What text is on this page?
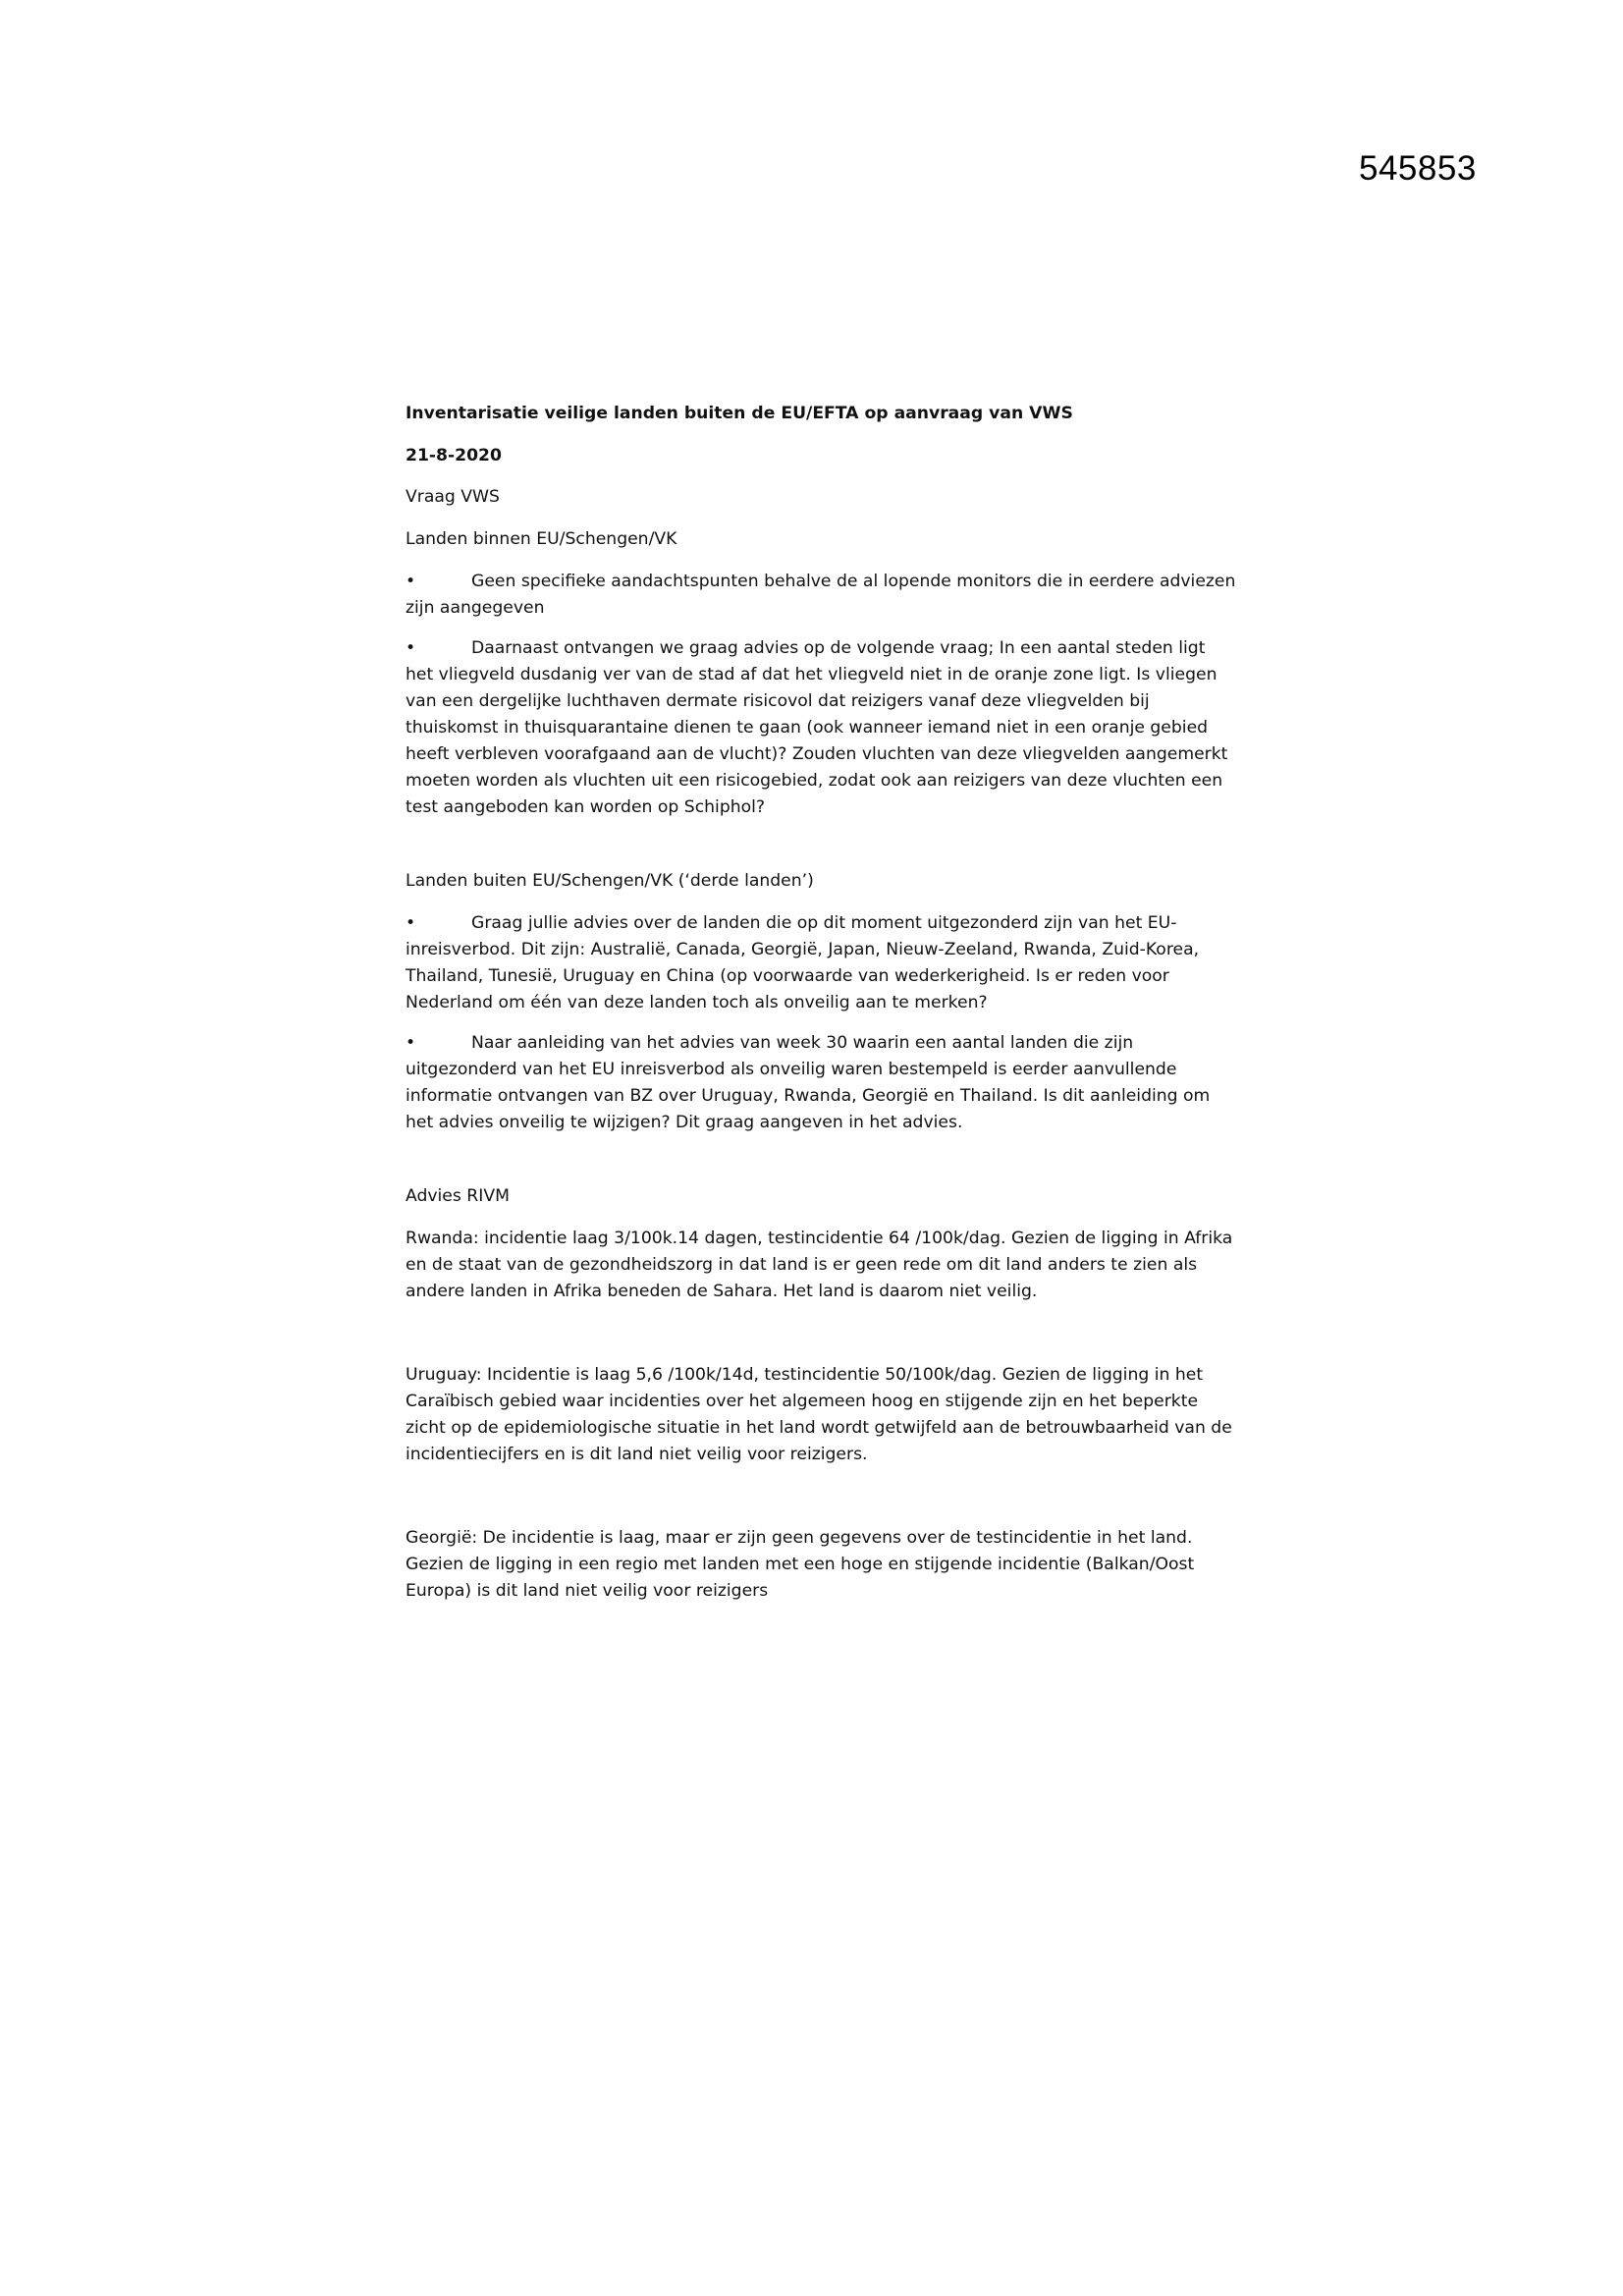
545853

Inventarisatie veilige landen buiten de EU/EFTA op aanvraag van VWS

21-8-2020

Vraag VWS

Landen binnen EU/Schengen/VK

•	Geen specifieke aandachtspunten behalve de al lopende monitors die in eerdere adviezen zijn aangegeven

•	Daarnaast ontvangen we graag advies op de volgende vraag; In een aantal steden ligt het vliegveld dusdanig ver van de stad af dat het vliegveld niet in de oranje zone ligt. Is vliegen van een dergelijke luchthaven dermate risicovol dat reizigers vanaf deze vliegvelden bij thuiskomst in thuisquarantaine dienen te gaan (ook wanneer iemand niet in een oranje gebied heeft verbleven voorafgaand aan de vlucht)? Zouden vluchten van deze vliegvelden aangemerkt moeten worden als vluchten uit een risicogebied, zodat ook aan reizigers van deze vluchten een test aangeboden kan worden op Schiphol?

Landen buiten EU/Schengen/VK (‘derde landen’)

•	Graag jullie advies over de landen die op dit moment uitgezonderd zijn van het EU-inreisverbod. Dit zijn: Australië, Canada, Georgië, Japan, Nieuw-Zeeland, Rwanda, Zuid-Korea, Thailand, Tunesië, Uruguay en China (op voorwaarde van wederkerigheid. Is er reden voor Nederland om één van deze landen toch als onveilig aan te merken?

•	Naar aanleiding van het advies van week 30 waarin een aantal landen die zijn uitgezonderd van het EU inreisverbod als onveilig waren bestempeld is eerder aanvullende informatie ontvangen van BZ over Uruguay, Rwanda, Georgië en Thailand. Is dit aanleiding om het advies onveilig te wijzigen? Dit graag aangeven in het advies.

Advies RIVM

Rwanda: incidentie laag 3/100k.14 dagen, testincidentie 64 /100k/dag. Gezien de ligging in Afrika en de staat van de gezondheidszorg in dat land is er geen rede om dit land anders te zien als andere landen in Afrika beneden de Sahara. Het land is daarom niet veilig.

Uruguay: Incidentie is laag 5,6 /100k/14d, testincidentie 50/100k/dag. Gezien de ligging in het Caraïbisch gebied waar incidenties over het algemeen hoog en stijgende zijn en het beperkte zicht op de epidemiologische situatie in het land wordt getwijfeld aan de betrouwbaarheid van de incidentiecijfers en is dit land niet veilig voor reizigers.

Georgië: De incidentie is laag, maar er zijn geen gegevens over de testincidentie in het land. Gezien de ligging in een regio met landen met een hoge en stijgende incidentie (Balkan/Oost Europa) is dit land niet veilig voor reizigers
